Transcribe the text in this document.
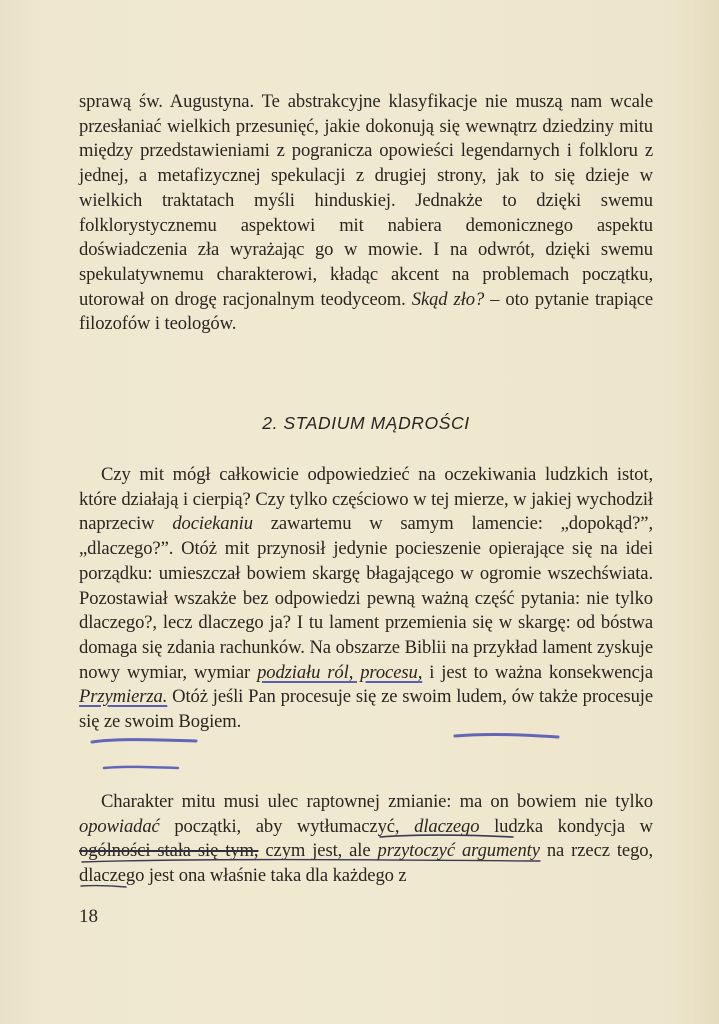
sprawą św. Augustyna. Te abstrakcyjne klasyfikacje nie muszą nam wcale przesłaniać wielkich przesunięć, jakie dokonują się wewnątrz dziedziny mitu między przedstawieniami z pogranicza opowieści legendarnych i folkloru z jednej, a metafizycznej spekulacji z drugiej strony, jak to się dzieje w wielkich traktatach myśli hinduskiej. Jednakże to dzięki swemu folklorystycznemu aspektowi mit nabiera demonicznego aspektu doświadczenia zła wyrażając go w mowie. I na odwrót, dzięki swemu spekulatywnemu charakterowi, kładąc akcent na problemach początku, utorował on drogę racjonalnym teodyceom. Skąd zło? – oto pytanie trapiące filozofów i teologów.

2. STADIUM MĄDROŚCI

Czy mit mógł całkowicie odpowiedzieć na oczekiwania ludzkich istot, które działają i cierpią? Czy tylko częściowo w tej mierze, w jakiej wychodził naprzeciw dociekaniu zawartemu w samym lamencie: „dopokąd?”, „dlaczego?”. Otóż mit przynosił jedynie pocieszenie opierające się na idei porządku: umieszczał bowiem skargę błagającego w ogromie wszechświata. Pozostawiał wszakże bez odpowiedzi pewną ważną część pytania: nie tylko dlaczego?, lecz dlaczego ja? I tu lament przemienia się w skargę: od bóstwa domaga się zdania rachunków. Na obszarze Biblii na przykład lament zyskuje nowy wymiar, wymiar podziału ról, procesu, i jest to ważna konsekwencja Przymierza. Otóż jeśli Pan procesuje się ze swoim ludem, ów także procesuje się ze swoim Bogiem.

Charakter mitu musi ulec raptownej zmianie: ma on bowiem nie tylko opowiadać początki, aby wytłumaczyć, dlaczego ludzka kondycja w ogólności stała się tym, czym jest, ale przytoczyć argumenty na rzecz tego, dlaczego jest ona właśnie taka dla każdego z

18
